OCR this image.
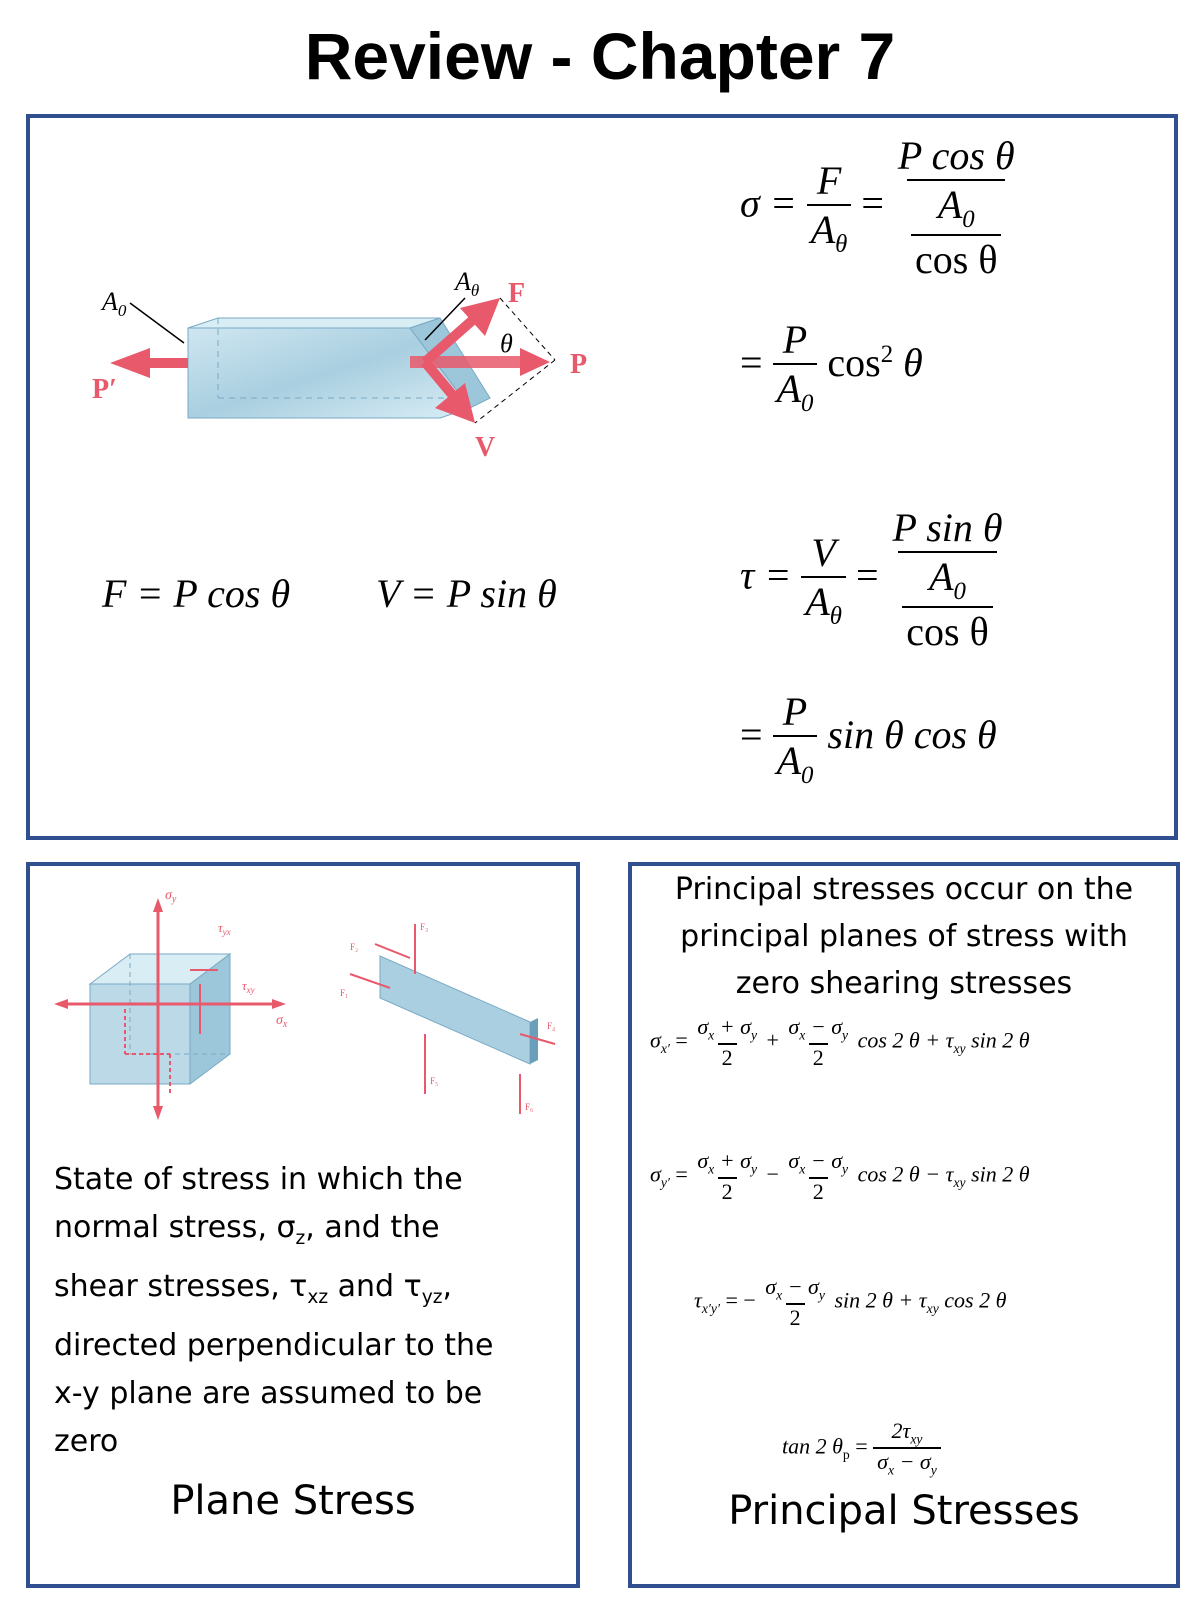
Review - Chapter 7
$A_0$
$A_\theta$ F
P
P′
V
θ
F = P cos θ V = P sin θ
$\sigma = \frac{F}{A_\theta} = \frac{\text{P cos θ}}{\frac{A_0}{\text{cos θ}}}$
= $\frac{P}{A_0} \cos^2 \theta$
$\tau = \frac{V}{A_\theta} = \frac{\text{P sin θ}}{\frac{A_0}{\text{cos θ}}}$
= $\frac{P}{A_0}$ sin θ cos θ
$\sigma_y$
$\tau_{yx}$
$\tau_{xy}$
$\sigma_x$
F₁
F₂
F₃
F₄
F₅
F₆
State of stress in which the
normal stress, $\sigma_z$, and the
shear stresses, $\tau_{xz}$ and $\tau_{yz}$,
directed perpendicular to the
x-y plane are assumed to be
zero
Plane Stress
Principal stresses occur on the
principal planes of stress with
zero shearing stresses
$\sigma_{x'} = \frac{\sigma_x + \sigma_y}{2} + \frac{\sigma_x - \sigma_y}{2}$ cos 2 $\theta + \tau_{xy}$ sin 2 θ
$\sigma_{y'} = \frac{\sigma_x + \sigma_y}{2} - \frac{\sigma_x - \sigma_y}{2}$ cos 2 $\theta - \tau_{xy}$ sin 2 θ
$\tau_{x'y'}$ = − $\frac{\sigma_x - \sigma_y}{2}$ sin 2 $\theta + \tau_{xy}$ cos 2 θ
tan 2 $\theta_p = \frac{2\tau_{xy}}{\sigma_x - \sigma_y}$
Principal Stresses
